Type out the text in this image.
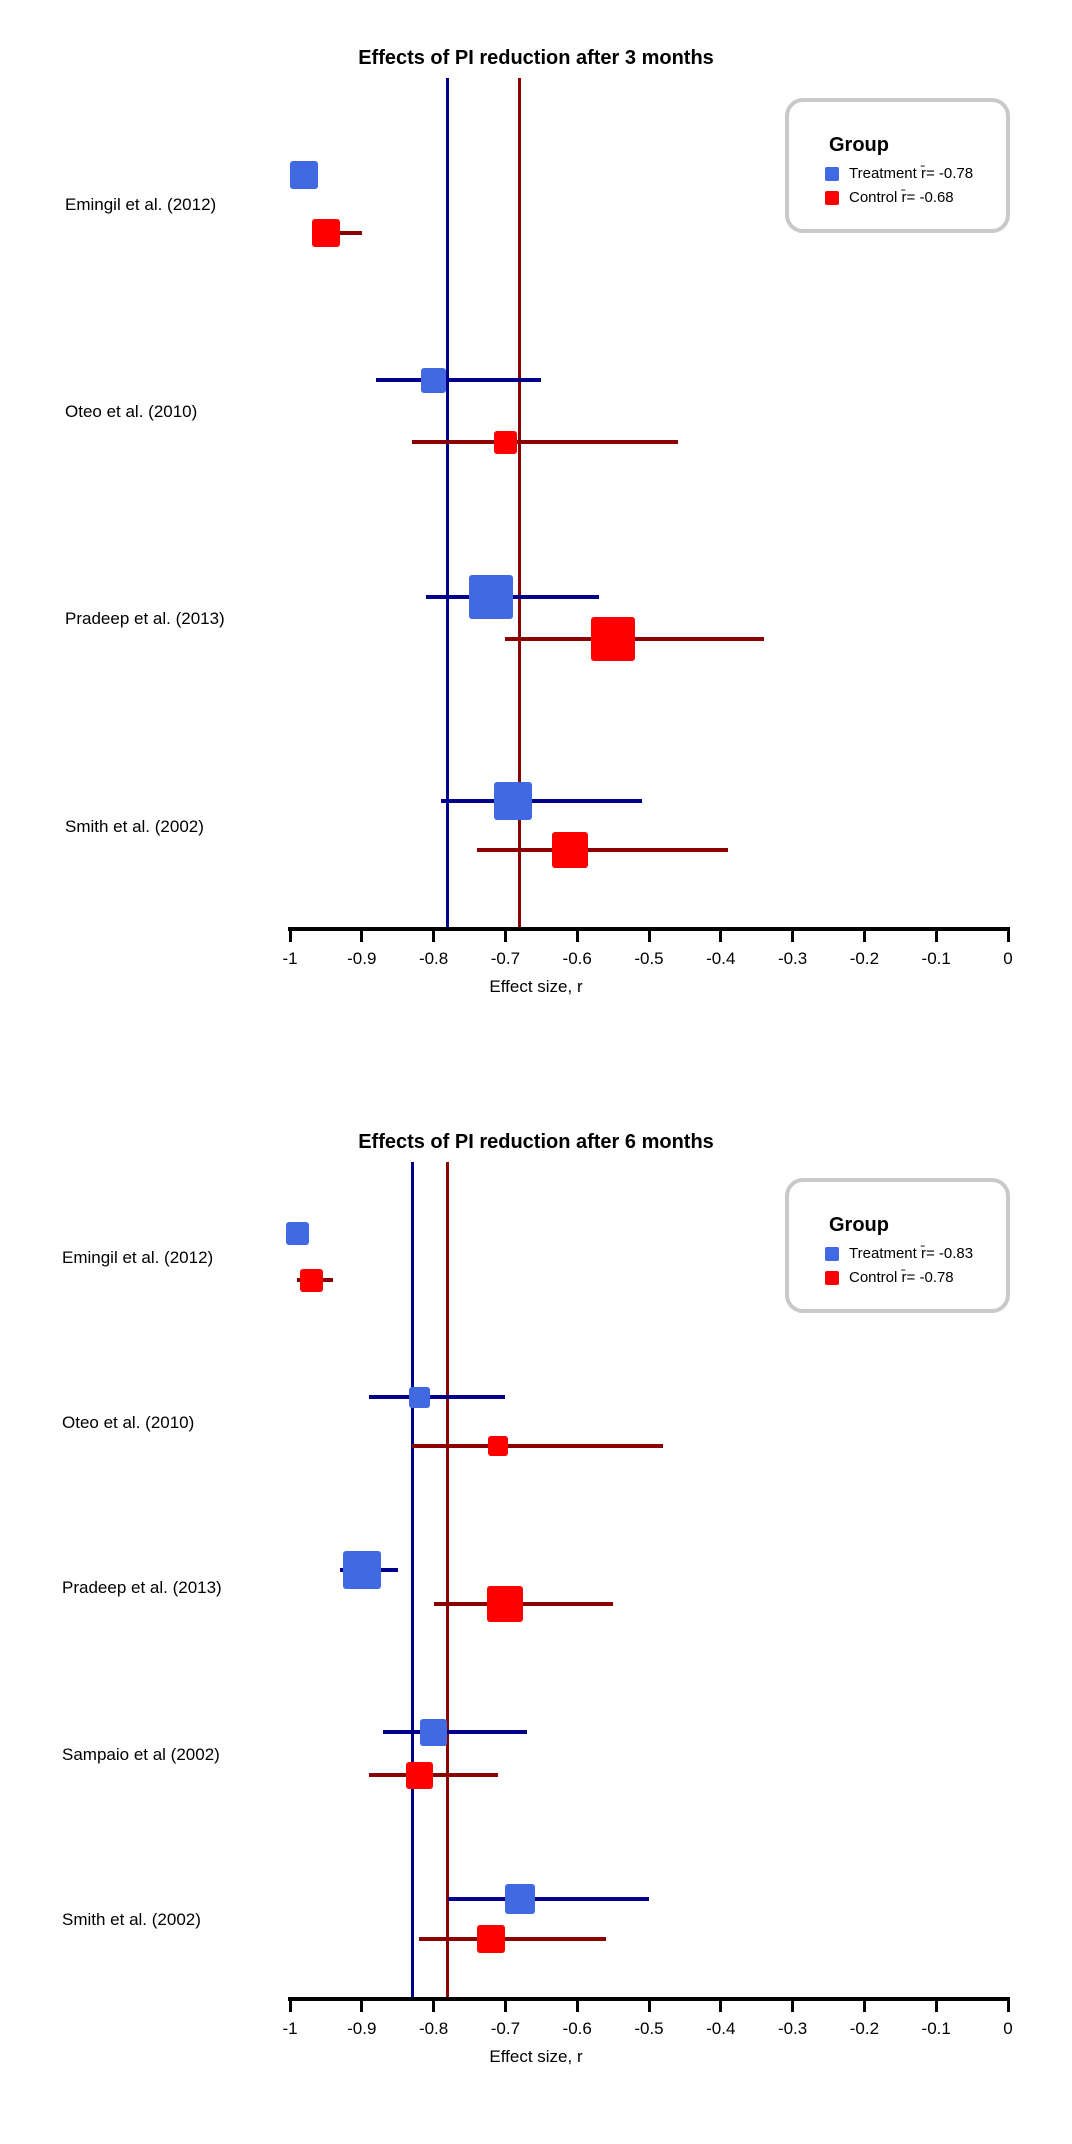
Effects of PI reduction after 3 months
Effect size, r
Group
Treatment r̄= -0.78
Control r̄= -0.68
Effects of PI reduction after 6 months
Effect size, r
Group
Treatment r̄= -0.83
Control r̄= -0.78
Emingil et al. (2012)
Oteo et al. (2010)
Pradeep et al. (2013)
Smith et al. (2002)
-1	-0.9	-0.8	-0.7	-0.6	-0.5	-0.4	-0.3	-0.2	-0.1	0
Emingil et al. (2012)
Oteo et al. (2010)
Pradeep et al. (2013)
Sampaio et al (2002)
Smith et al. (2002)
-1	-0.9	-0.8	-0.7	-0.6	-0.5	-0.4	-0.3	-0.2	-0.1	0
